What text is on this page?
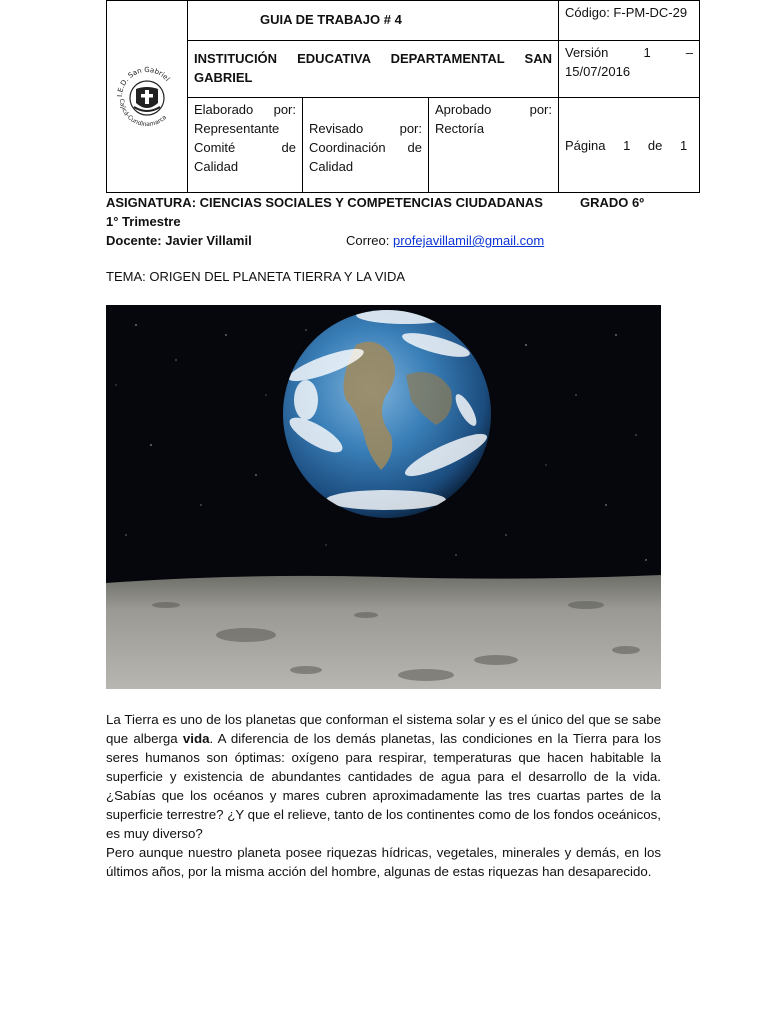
I.E.D. San Gabriel
Cajicá-Cundinamarca	GUIA DE TRABAJO # 4			Código: F-PM-DC-29
	INSTITUCIÓN EDUCATIVA DEPARTAMENTAL SAN GABRIEL			Versión 1 – 15/07/2016
	Elaborado por: Representante Comité de Calidad	Revisado por: Coordinación de Calidad	Aprobado por: Rectoría	Página 1 de 1
ASIGNATURA: CIENCIAS SOCIALES Y COMPETENCIAS CIUDADANAS	GRADO 6º
1° Trimestre
Docente: Javier Villamil	Correo: profejavillamil@gmail.com
TEMA: ORIGEN DEL PLANETA TIERRA Y LA VIDA

La Tierra es uno de los planetas que conforman el sistema solar y es el único del que se sabe que alberga vida. A diferencia de los demás planetas, las condiciones en la Tierra para los seres humanos son óptimas: oxígeno para respirar, temperaturas que hacen habitable la superficie y existencia de abundantes cantidades de agua para el desarrollo de la vida. ¿Sabías que los océanos y mares cubren aproximadamente las tres cuartas partes de la superficie terrestre? ¿Y que el relieve, tanto de los continentes como de los fondos oceánicos, es muy diverso?

Pero aunque nuestro planeta posee riquezas hídricas, vegetales, minerales y demás, en los últimos años, por la misma acción del hombre, algunas de estas riquezas han desaparecido.
